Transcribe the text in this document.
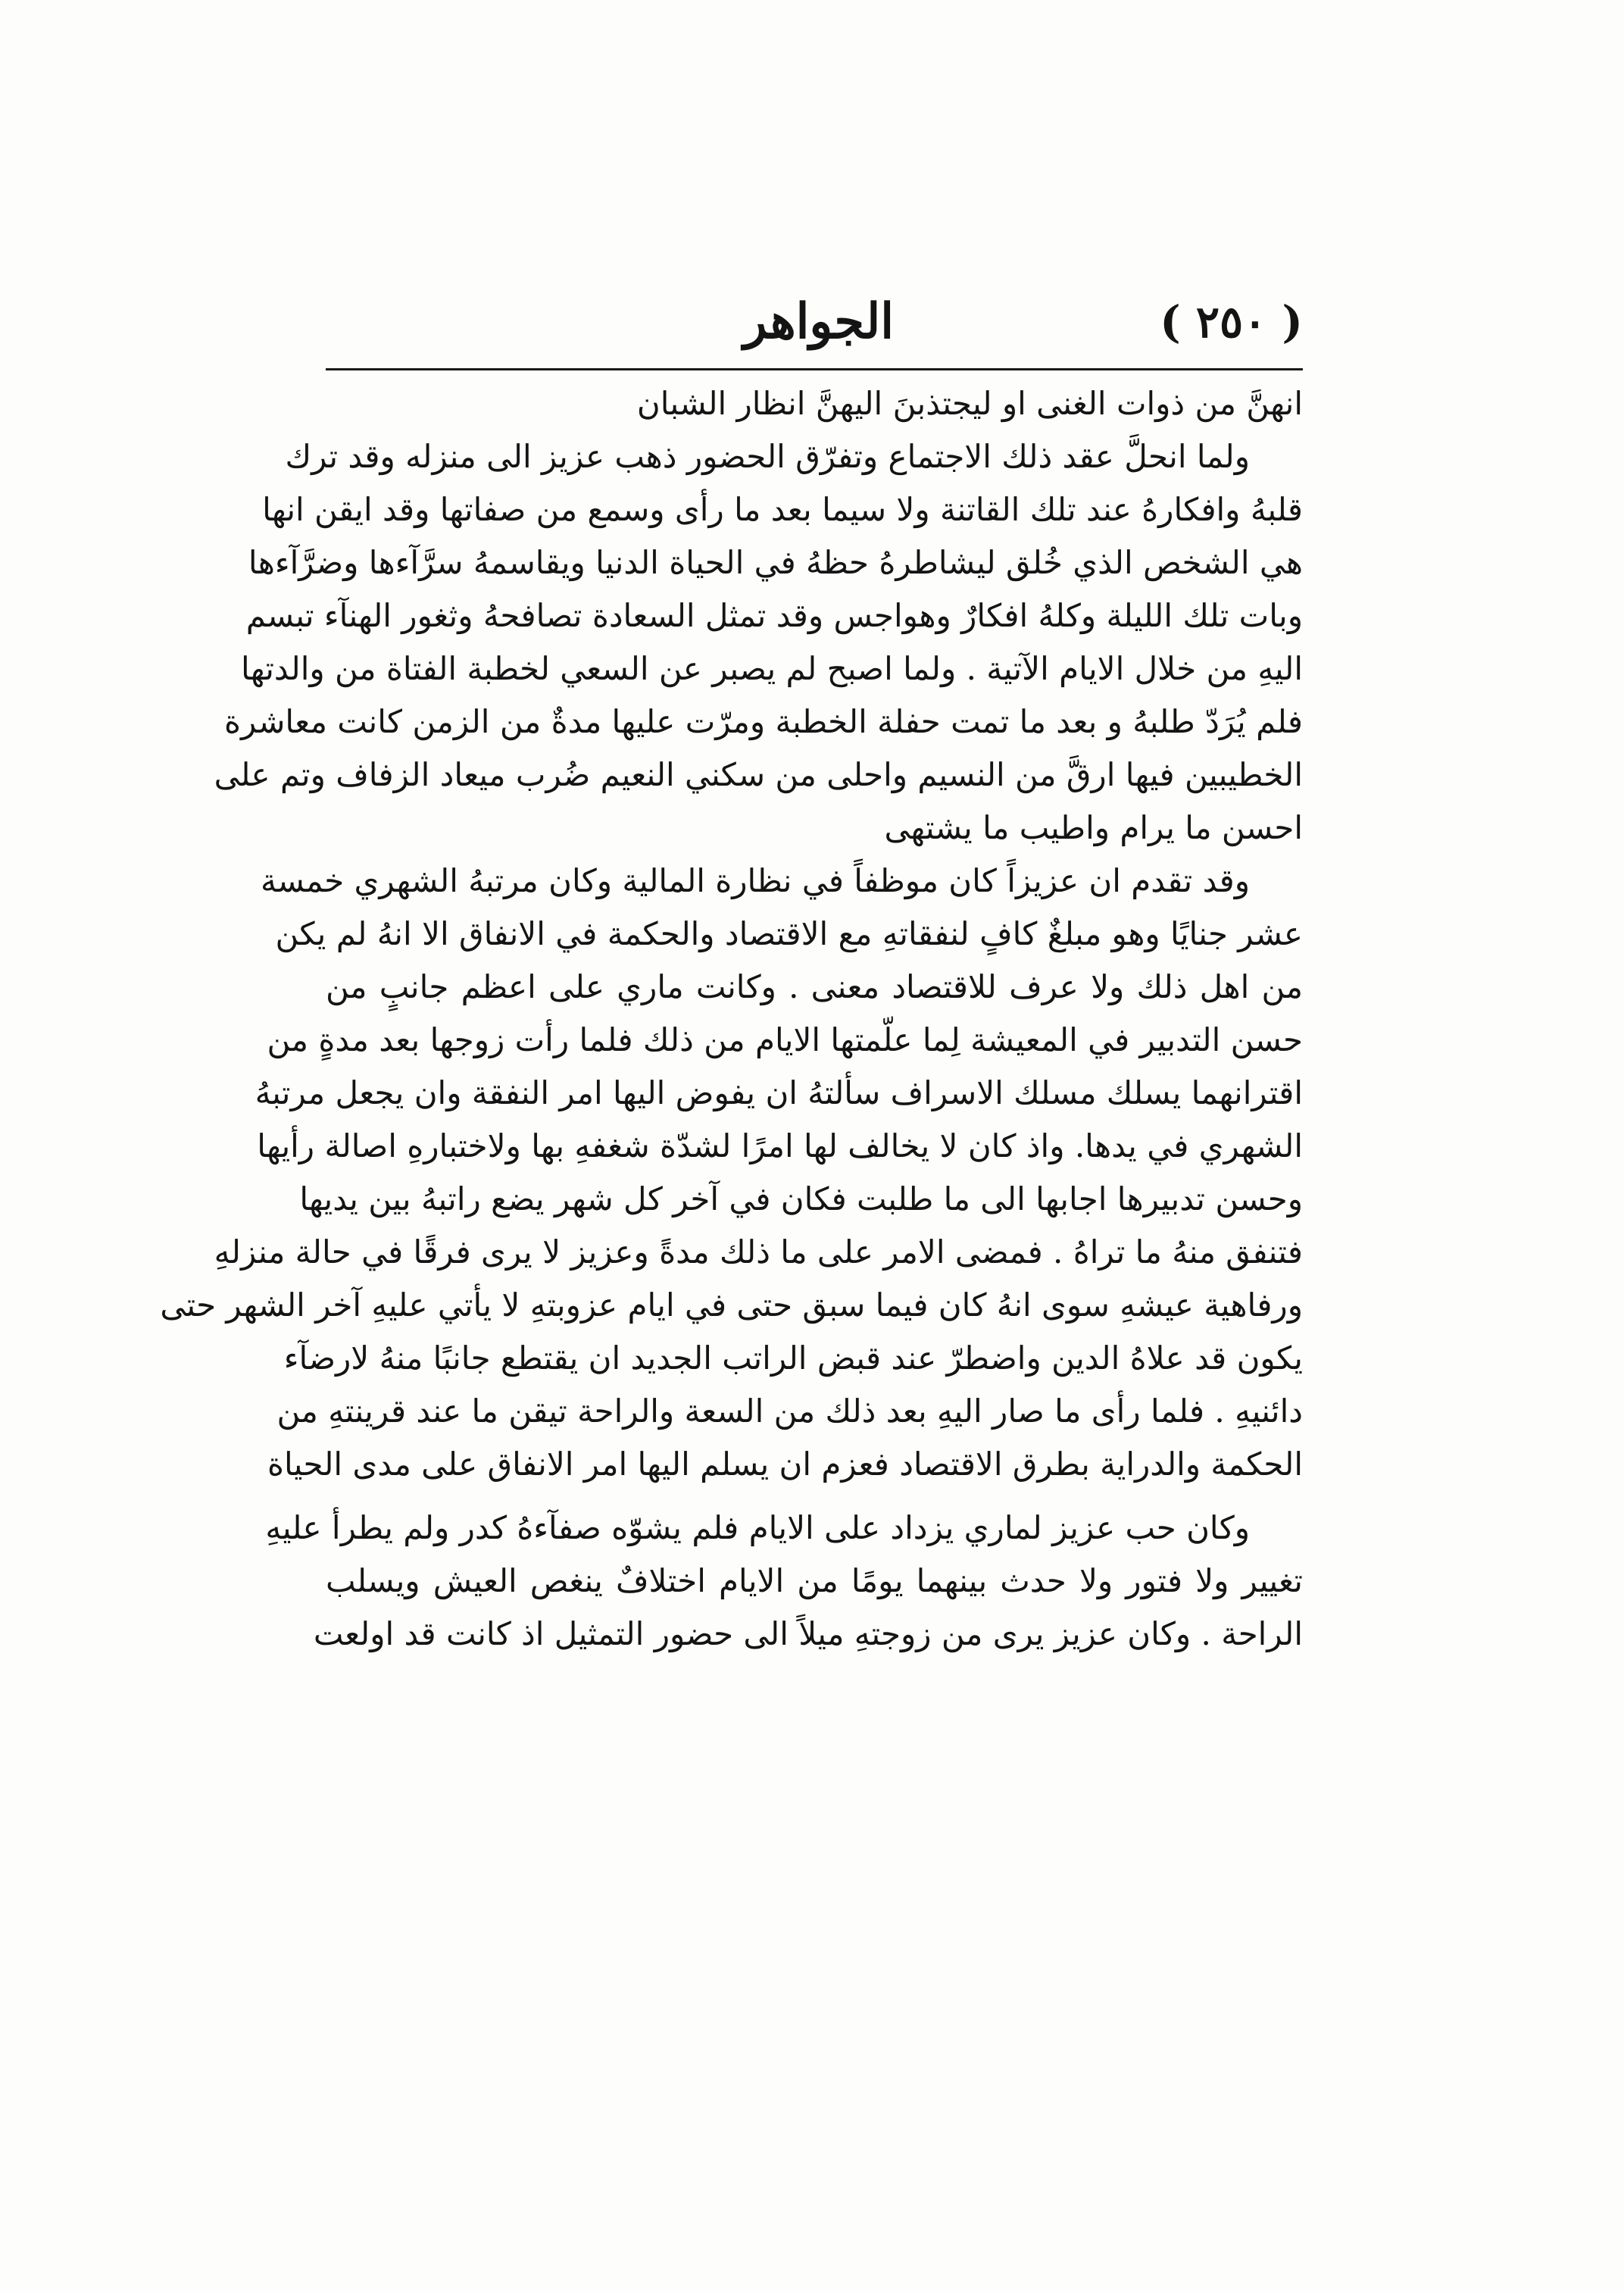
( ٢٥٠ )
الجواهر
انهنَّ من ذوات الغنى او ليجتذبنَ اليهنَّ انظار الشبان
ولما انحلَّ عقد ذلك الاجتماع وتفرّق الحضور ذهب عزيز الى منزله وقد ترك
قلبهُ وافكارهُ عند تلك القاتنة ولا سيما بعد ما رأى وسمع من صفاتها وقد ايقن انها
هي الشخص الذي خُلق ليشاطرهُ حظهُ في الحياة الدنيا ويقاسمهُ سرَّآءها وضرَّآءها
وبات تلك الليلة وكلهُ افكارٌ وهواجس وقد تمثل السعادة تصافحهُ وثغور الهنآء تبسم
اليهِ من خلال الايام الآتية . ولما اصبح لم يصبر عن السعي لخطبة الفتاة من والدتها
فلم يُرَدّ طلبهُ و بعد ما تمت حفلة الخطبة ومرّت عليها مدةٌ من الزمن كانت معاشرة
الخطيبين فيها ارقَّ من النسيم واحلى من سكني النعيم ضُرب ميعاد الزفاف وتم على
احسن ما يرام واطيب ما يشتهى
وقد تقدم ان عزيزاً كان موظفاً في نظارة المالية وكان مرتبهُ الشهري خمسة
عشر جنايًا وهو مبلغٌ كافٍ لنفقاتهِ مع الاقتصاد والحكمة في الانفاق الا انهُ لم يكن
من اهل ذلك ولا عرف للاقتصاد معنى . وكانت ماري على اعظم جانبٍ من
حسن التدبير في المعيشة لِما علّمتها الايام من ذلك فلما رأت زوجها بعد مدةٍ من
اقترانهما يسلك مسلك الاسراف سألتهُ ان يفوض اليها امر النفقة وان يجعل مرتبهُ
الشهري في يدها. واذ كان لا يخالف لها امرًا لشدّة شغفهِ بها ولاختبارهِ اصالة رأيها
وحسن تدبيرها اجابها الى ما طلبت فكان في آخر كل شهر يضع راتبهُ بين يديها
فتنفق منهُ ما تراهُ . فمضى الامر على ما ذلك مدةً وعزيز لا يرى فرقًا في حالة منزلهِ
ورفاهية عيشهِ سوى انهُ كان فيما سبق حتى في ايام عزوبتهِ لا يأتي عليهِ آخر الشهر حتى
يكون قد علاهُ الدين واضطرّ عند قبض الراتب الجديد ان يقتطع جانبًا منهُ لارضآء
دائنيهِ . فلما رأى ما صار اليهِ بعد ذلك من السعة والراحة تيقن ما عند قرينتهِ من
الحكمة والدراية بطرق الاقتصاد فعزم ان يسلم اليها امر الانفاق على مدى الحياة
وكان حب عزيز لماري يزداد على الايام فلم يشوّه صفآءهُ كدر ولم يطرأ عليهِ
تغيير ولا فتور ولا حدث بينهما يومًا من الايام اختلافٌ ينغص العيش ويسلب
الراحة . وكان عزيز يرى من زوجتهِ ميلاً الى حضور التمثيل اذ كانت قد اولعت
